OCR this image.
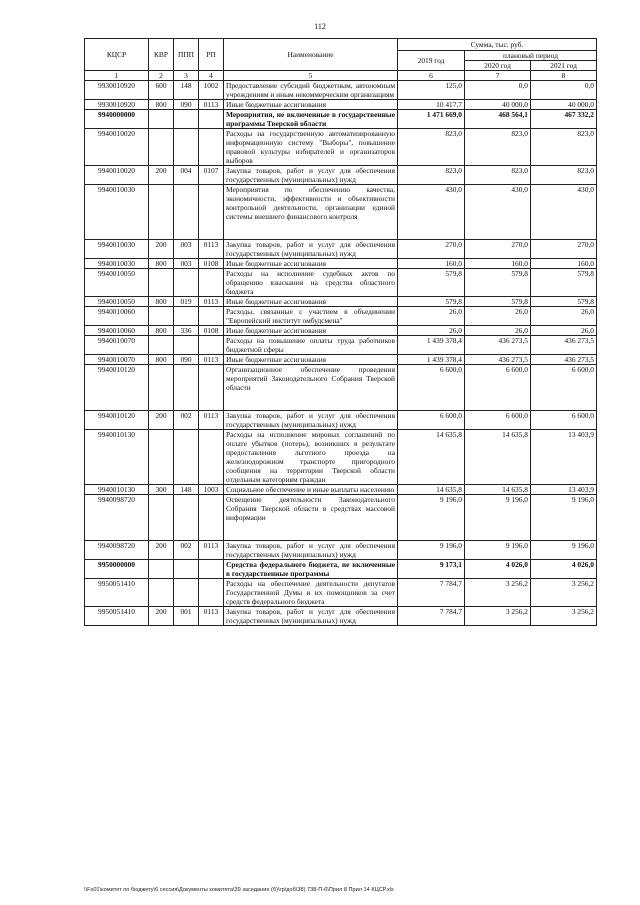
112
КЦСР	КВР	ППП	РП	Наименование	Сумма, тыс. руб.		
					2019 год	плановый период	
						2020 год	2021 год
1	2	3	4	5	6	7	8
9930010920	600	148	1002	Предоставление субсидий бюджетным, автономным учреждениям и иным некоммерческим организациям	125,0	0,0	0,0
9930010920	800	090	0113	Иные бюджетные ассигнования	10 417,7	40 000,0	40 000,0
9940000000				Мероприятия, не включенные в государственные программы Тверской области	1 471 669,0	468 564,1	467 332,2
9940010020				Расходы на государственную автоматизированную информационную систему "Выборы", повышение правовой культуры избирателей и организаторов выборов	823,0	823,0	823,0
9940010020	200	004	0107	Закупка товаров, работ и услуг для обеспечения государственных (муниципальных) нужд	823,0	823,0	823,0
9940010030				Мероприятия по обеспечению качества, экономичности, эффективности и объективности контрольной деятельности, организации единой системы внешнего финансового контроля	430,0	430,0	430,0
9940010030	200	003	0113	Закупка товаров, работ и услуг для обеспечения государственных (муниципальных) нужд	270,0	270,0	270,0
9940010030	800	003	0108	Иные бюджетные ассигнования	160,0	160,0	160,0
9940010050				Расходы на исполнение судебных актов по обращению взыскания на средства областного бюджета	579,8	579,8	579,8
9940010050	800	019	0113	Иные бюджетные ассигнования	579,8	579,8	579,8
9940010060				Расходы, связанные с участием в объединении "Европейский институт омбудсмена"	26,0	26,0	26,0
9940010060	800	336	0108	Иные бюджетные ассигнования	26,0	26,0	26,0
9940010070				Расходы на повышение оплаты труда работников бюджетной сферы	1 439 378,4	436 273,5	436 273,5
9940010070	800	090	0113	Иные бюджетные ассигнования	1 439 378,4	436 273,5	436 273,5
9940010120				Организационное обеспечение проведения мероприятий Законодательного Собрания Тверской области	6 600,0	6 600,0	6 600,0
9940010120	200	002	0113	Закупка товаров, работ и услуг для обеспечения государственных (муниципальных) нужд	6 600,0	6 600,0	6 600,0
9940010130				Расходы на исполнение мировых соглашений по оплате убытков (потерь), возникших в результате предоставления льготного проезда на железнодорожном транспорте пригородного сообщения на территории Тверской области отдельным категориям граждан	14 635,8	14 635,8	13 403,9
9940010130	300	148	1003	Социальное обеспечение и иные выплаты населению	14 635,8	14 635,8	13 403,9
9940098720				Освещение деятельности Законодательного Собрания Тверской области в средствах массовой информации	9 196,0	9 196,0	9 196,0
9940098720	200	002	0113	Закупка товаров, работ и услуг для обеспечения государственных (муниципальных) нужд	9 196,0	9 196,0	9 196,0
9950000000				Средства федерального бюджета, не включенные в государственные программы	9 173,1	4 026,0	4 026,0
9950051410				Расходы на обеспечение деятельности депутатов Государственной Думы и их помощников за счет средств федерального бюджета	7 784,7	3 256,2	3 256,2
9950051410	200	001	0113	Закупка товаров, работ и услуг для обеспечения государственных (муниципальных) нужд	7 784,7	3 256,2	3 256,2
\\Fs01\комитет по бюджету\6 сессия\Документы комитета\39 заседание (б)\гр\доб\38) 738-П-6\Прил 8 Прил 14 КЦСР.xls
